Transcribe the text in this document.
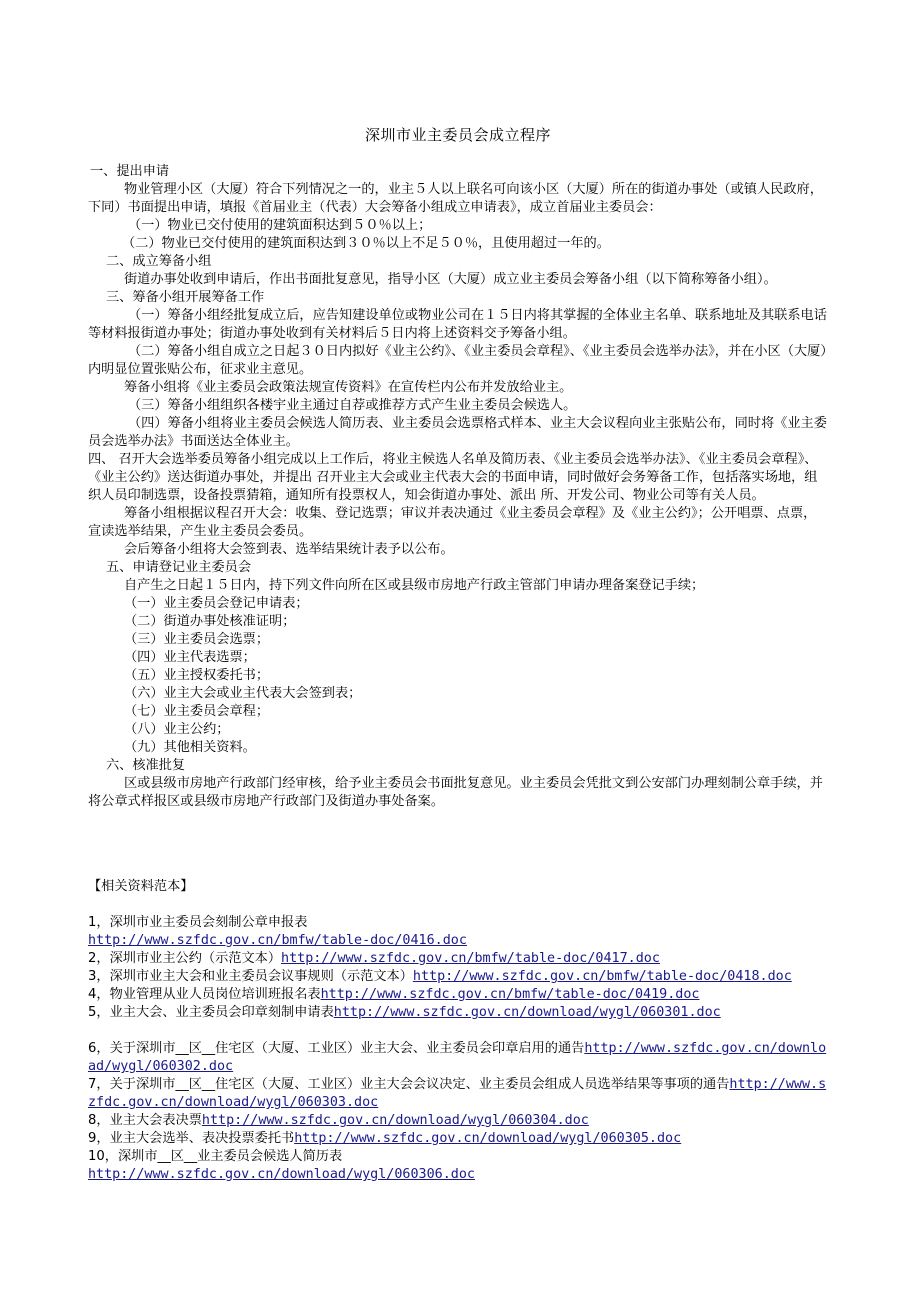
深圳市业主委员会成立程序

一、提出申请

物业管理小区（大厦）符合下列情况之一的，业主５人以上联名可向该小区（大厦）所在的街道办事处（或镇人民政府，下同）书面提出申请，填报《首届业主（代表）大会筹备小组成立申请表》，成立首届业主委员会：

（一）物业已交付使用的建筑面积达到５０％以上；

（二）物业已交付使用的建筑面积达到３０％以上不足５０％，且使用超过一年的。

二、成立筹备小组

街道办事处收到申请后，作出书面批复意见，指导小区（大厦）成立业主委员会筹备小组（以下简称筹备小组）。

三、筹备小组开展筹备工作

（一）筹备小组经批复成立后，应告知建设单位或物业公司在１５日内将其掌握的全体业主名单、联系地址及其联系电话等材料报街道办事处；街道办事处收到有关材料后５日内将上述资料交予筹备小组。

（二）筹备小组自成立之日起３０日内拟好《业主公约》、《业主委员会章程》、《业主委员会选举办法》，并在小区（大厦）内明显位置张贴公布，征求业主意见。

筹备小组将《业主委员会政策法规宣传资料》在宣传栏内公布并发放给业主。

（三）筹备小组组织各楼宇业主通过自荐或推荐方式产生业主委员会候选人。

（四）筹备小组将业主委员会候选人简历表、业主委员会选票格式样本、业主大会议程向业主张贴公布，同时将《业主委员会选举办法》书面送达全体业主。

四、 召开大会选举委员筹备小组完成以上工作后，将业主候选人名单及简历表、《业主委员会选举办法》、《业主委员会章程》、《业主公约》送达街道办事处，并提出 召开业主大会或业主代表大会的书面申请，同时做好会务筹备工作，包括落实场地，组织人员印制选票，设备投票猜箱，通知所有投票权人，知会街道办事处、派出 所、开发公司、物业公司等有关人员。

筹备小组根据议程召开大会：收集、登记选票；审议并表决通过《业主委员会章程》及《业主公约》；公开唱票、点票，宣读选举结果，产生业主委员会委员。

会后筹备小组将大会签到表、选举结果统计表予以公布。

五、申请登记业主委员会

自产生之日起１５日内，持下列文件向所在区或县级市房地产行政主管部门申请办理备案登记手续；

（一）业主委员会登记申请表；

（二）街道办事处核准证明；

（三）业主委员会选票；

（四）业主代表选票；

（五）业主授权委托书；

（六）业主大会或业主代表大会签到表；

（七）业主委员会章程；

（八）业主公约；

（九）其他相关资料。

六、核准批复

区或县级市房地产行政部门经审核，给予业主委员会书面批复意见。业主委员会凭批文到公安部门办理刻制公章手续，并将公章式样报区或县级市房地产行政部门及街道办事处备案。

【相关资料范本】

1，深圳市业主委员会刻制公章申报表
http://www.szfdc.gov.cn/bmfw/table-doc/0416.doc

2，深圳市业主公约（示范文本）http://www.szfdc.gov.cn/bmfw/table-doc/0417.doc

3，深圳市业主大会和业主委员会议事规则（示范文本）http://www.szfdc.gov.cn/bmfw/table-doc/0418.doc

4，物业管理从业人员岗位培训班报名表http://www.szfdc.gov.cn/bmfw/table-doc/0419.doc

5，业主大会、业主委员会印章刻制申请表http://www.szfdc.gov.cn/download/wygl/060301.doc

6，关于深圳市__区__住宅区（大厦、工业区）业主大会、业主委员会印章启用的通告http://www.szfdc.gov.cn/download/wygl/060302.doc

7，关于深圳市__区__住宅区（大厦、工业区）业主大会会议决定、业主委员会组成人员选举结果等事项的通告http://www.szfdc.gov.cn/download/wygl/060303.doc

8，业主大会表决票http://www.szfdc.gov.cn/download/wygl/060304.doc

9，业主大会选举、表决投票委托书http://www.szfdc.gov.cn/download/wygl/060305.doc

10，深圳市__区__业主委员会候选人简历表
http://www.szfdc.gov.cn/download/wygl/060306.doc
